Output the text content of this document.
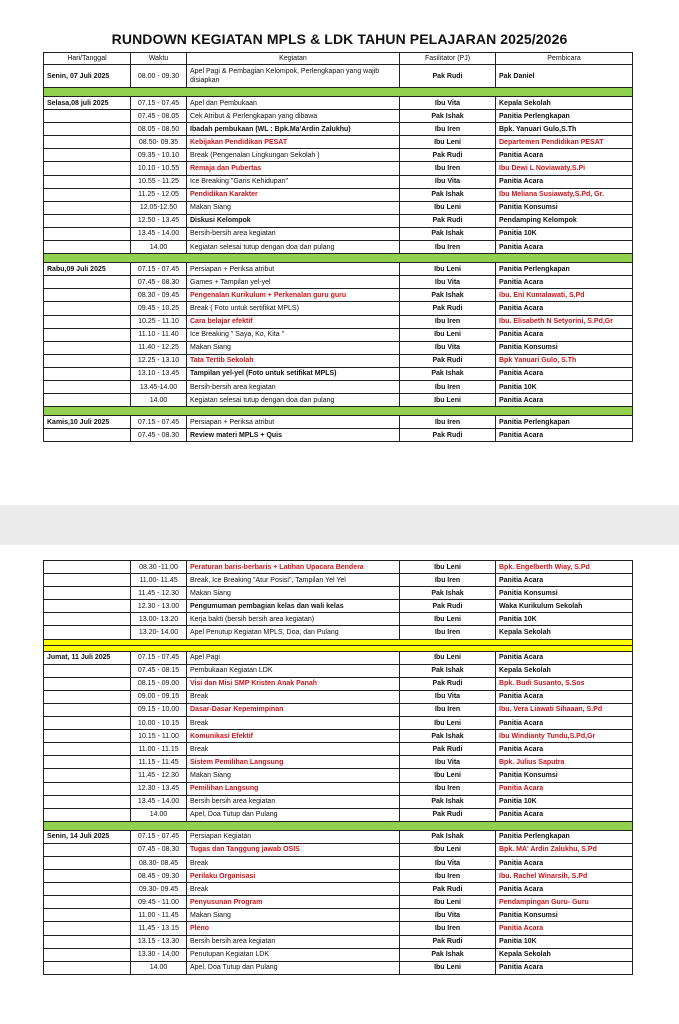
RUNDOWN KEGIATAN MPLS & LDK TAHUN PELAJARAN 2025/2026
Hari/Tanggal	Waktu	Kegiatan	Fasilitator (PJ)	Pembicara
Senin, 07 Juli 2025	08.00 - 09.30	Apel Pagi & Pembagian Kelompok, Perlengkapan yang wajib disiapkan	Pak Rudi	Pak Daniel

Selasa,08 juli 2025	07.15 - 07.45	Apel dan Pembukaan	Ibu Vita	Kepala Sekolah
	07.45 - 08.05	Cek Atribut & Perlengkapan yang dibawa	Pak Ishak	Panitia Perlengkapan
	08.05 - 08.50	Ibadah pembukaan (WL : Bpk.Ma'Ardin Zalukhu)	Ibu Iren	Bpk. Yanuari Gulo,S.Th
	08.50- 09.35	Kebijakan Pendidikan PESAT	Ibu Leni	Departemen Pendidikan PESAT
	09.35 - 10.10	Break (Pengenalan Lingkungan Sekolah )	Pak Rudi	Panitia Acara
	10.10 - 10.55	Remaja dan Pubertas	Ibu Iren	Ibu Dewi L Noviawaty,S.Pi
	10.55 - 11.25	Ice Breaking "Garis Kehidupan"	Ibu Vita	Panitia Acara
	11.25 - 12.05	Pendidikan Karakter	Pak Ishak	Ibu Meliana Susiawaty,S.Pd, Gr.
	12.05-12.50	Makan Siang	Ibu Leni	Panitia Konsumsi
	12.50 - 13.45	Diskusi Kelompok	Pak Rudi	Pendamping Kelompok
	13.45 - 14.00	Bersih-bersih area kegiatan	Pak Ishak	Panitia 10K
	14.00	Kegiatan selesai tutup dengan doa dan pulang	Ibu Iren	Panitia Acara

Rabu,09 Juli 2025	07.15 - 07.45	Persiapan + Periksa atribut	Ibu Leni	Panitia Perlengkapan
	07.45 - 08.30	Games + Tampilan yel-yel	Ibu Vita	Panitia Acara
	08.30 - 09.45	Pengenalan Kurikulum + Perkenalan guru guru	Pak Ishak	Ibu. Eni Kumalawati, S.Pd
	09.45 - 10.25	Break ( Foto untuk sertifikat MPLS)	Pak Rudi	Panitia Acara
	10.25 - 11.10	Cara belajar efektif	Ibu Iren	Ibu. Elisabeth N Setyorini, S.Pd,Gr
	11.10 - 11.40	Ice Breaking " Saya, Ko, Kita "	Ibu Leni	Panitia Acara
	11.40 - 12.25	Makan Siang	Ibu Vita	Panitia Konsumsi
	12.25 - 13.10	Tata Tertib Sekolah	Pak Rudi	Bpk Yanuari Gulo, S.Th
	13.10 - 13.45	Tampilan yel-yel (Foto untuk setifikat MPLS)	Pak Ishak	Panitia Acara
	13.45-14.00	Bersih-bersih area kegiatan	Ibu Iren	Panitia 10K
	14.00	Kegiatan selesai tutup dengan doa dan pulang	Ibu Leni	Panitia Acara

Kamis,10 Juli 2025	07.15 - 07.45	Persiapan + Periksa atribut	Ibu Iren	Panitia Perlengkapan
	07.45 - 08.30	Review materi MPLS + Quis	Pak Rudi	Panitia Acara
	08.30 -11.00	Peraturan baris-berbaris + Latihan Upacara Bendera	Ibu Leni	Bpk. Engelberth Wiay, S.Pd
	11.00- 11.45	Break, Ice Breaking "Atur Posisi", Tampilan Yel Yel	Ibu Iren	Panitia Acara
	11.45 - 12.30	Makan Siang	Pak Ishak	Panitia Konsumsi
	12.30 - 13.00	Pengumuman pembagian kelas dan wali kelas	Pak Rudi	Waka Kurikulum Sekolah
	13.00- 13.20	Kerja bakti (bersih bersih area kegiatan)	Ibu Leni	Panitia 10K
	13.20- 14.00	Apel Penutup Kegiatan MPLS, Doa, dan Pulang	Ibu Iren	Kepala Sekolah

Jumat, 11 Juli 2025	07.15 - 07.45	Apel Pagi	Ibu Leni	Panitia Acara
	07.45 - 08.15	Pembukaan Kegiatan LDK	Pak Ishak	Kepala Sekolah
	08.15 - 09.00	Visi dan Misi SMP Kristen Anak Panah	Pak Rudi	Bpk. Budi Susanto, S.Sos
	09.00 - 09.15	Break	Ibu Vita	Panitia Acara
	09.15 - 10.00	Dasar-Dasar Kepemimpinan	Ibu Iren	Ibu. Vera Liawati Sihaaan, S.Pd
	10.00 - 10.15	Break	Ibu Leni	Panitia Acara
	10.15 - 11.00	Komunikasi Efektif	Pak Ishak	Ibu Windianty Tundu,S.Pd,Gr
	11.00 - 11.15	Break	Pak Rudi	Panitia Acara
	11.15 - 11.45	Sistem Pemilihan Langsung	Ibu Vita	Bpk. Julius Saputra
	11.45 - 12.30	Makan Siang	Ibu Leni	Panitia Konsumsi
	12.30 - 13.45	Pemilihan Langsung	Ibu Iren	Panitia Acara
	13.45 - 14.00	Bersih bersih area kegiatan	Pak Ishak	Panitia 10K
	14.00	Apel, Doa Tutup dan Pulang	Pak Rudi	Panitia Acara

Senin, 14 Juli 2025	07.15 - 07.45	Persiapan Kegiatan	Pak Ishak	Panitia Perlengkapan
	07.45 - 08.30	Tugas dan Tanggung jawab OSIS	Ibu Leni	Bpk. MA' Ardin Zalukhu, S.Pd
	08.30- 08.45	Break	Ibu Vita	Panitia Acara
	08.45 - 09.30	Perilaku Organisasi	Ibu Iren	Ibu. Rachel Winarsih, S.Pd
	09.30- 09.45	Break	Pak Rudi	Panitia Acara
	09.45 - 11.00	Penyusunan Program	Ibu Leni	Pendampingan Guru- Guru
	11.00 - 11.45	Makan Siang	Ibu Vita	Panitia Konsumsi
	11.45 - 13.15	Pleno	Ibu Iren	Panitia Acara
	13.15 - 13.30	Bersih bersih area kegiatan	Pak Rudi	Panitia 10K
	13.30 - 14.00	Penutupan Kegiatan LDK	Pak Ishak	Kepala Sekolah
	14.00	Apel, Doa Tutup dan Pulang	Ibu Leni	Panitia Acara
